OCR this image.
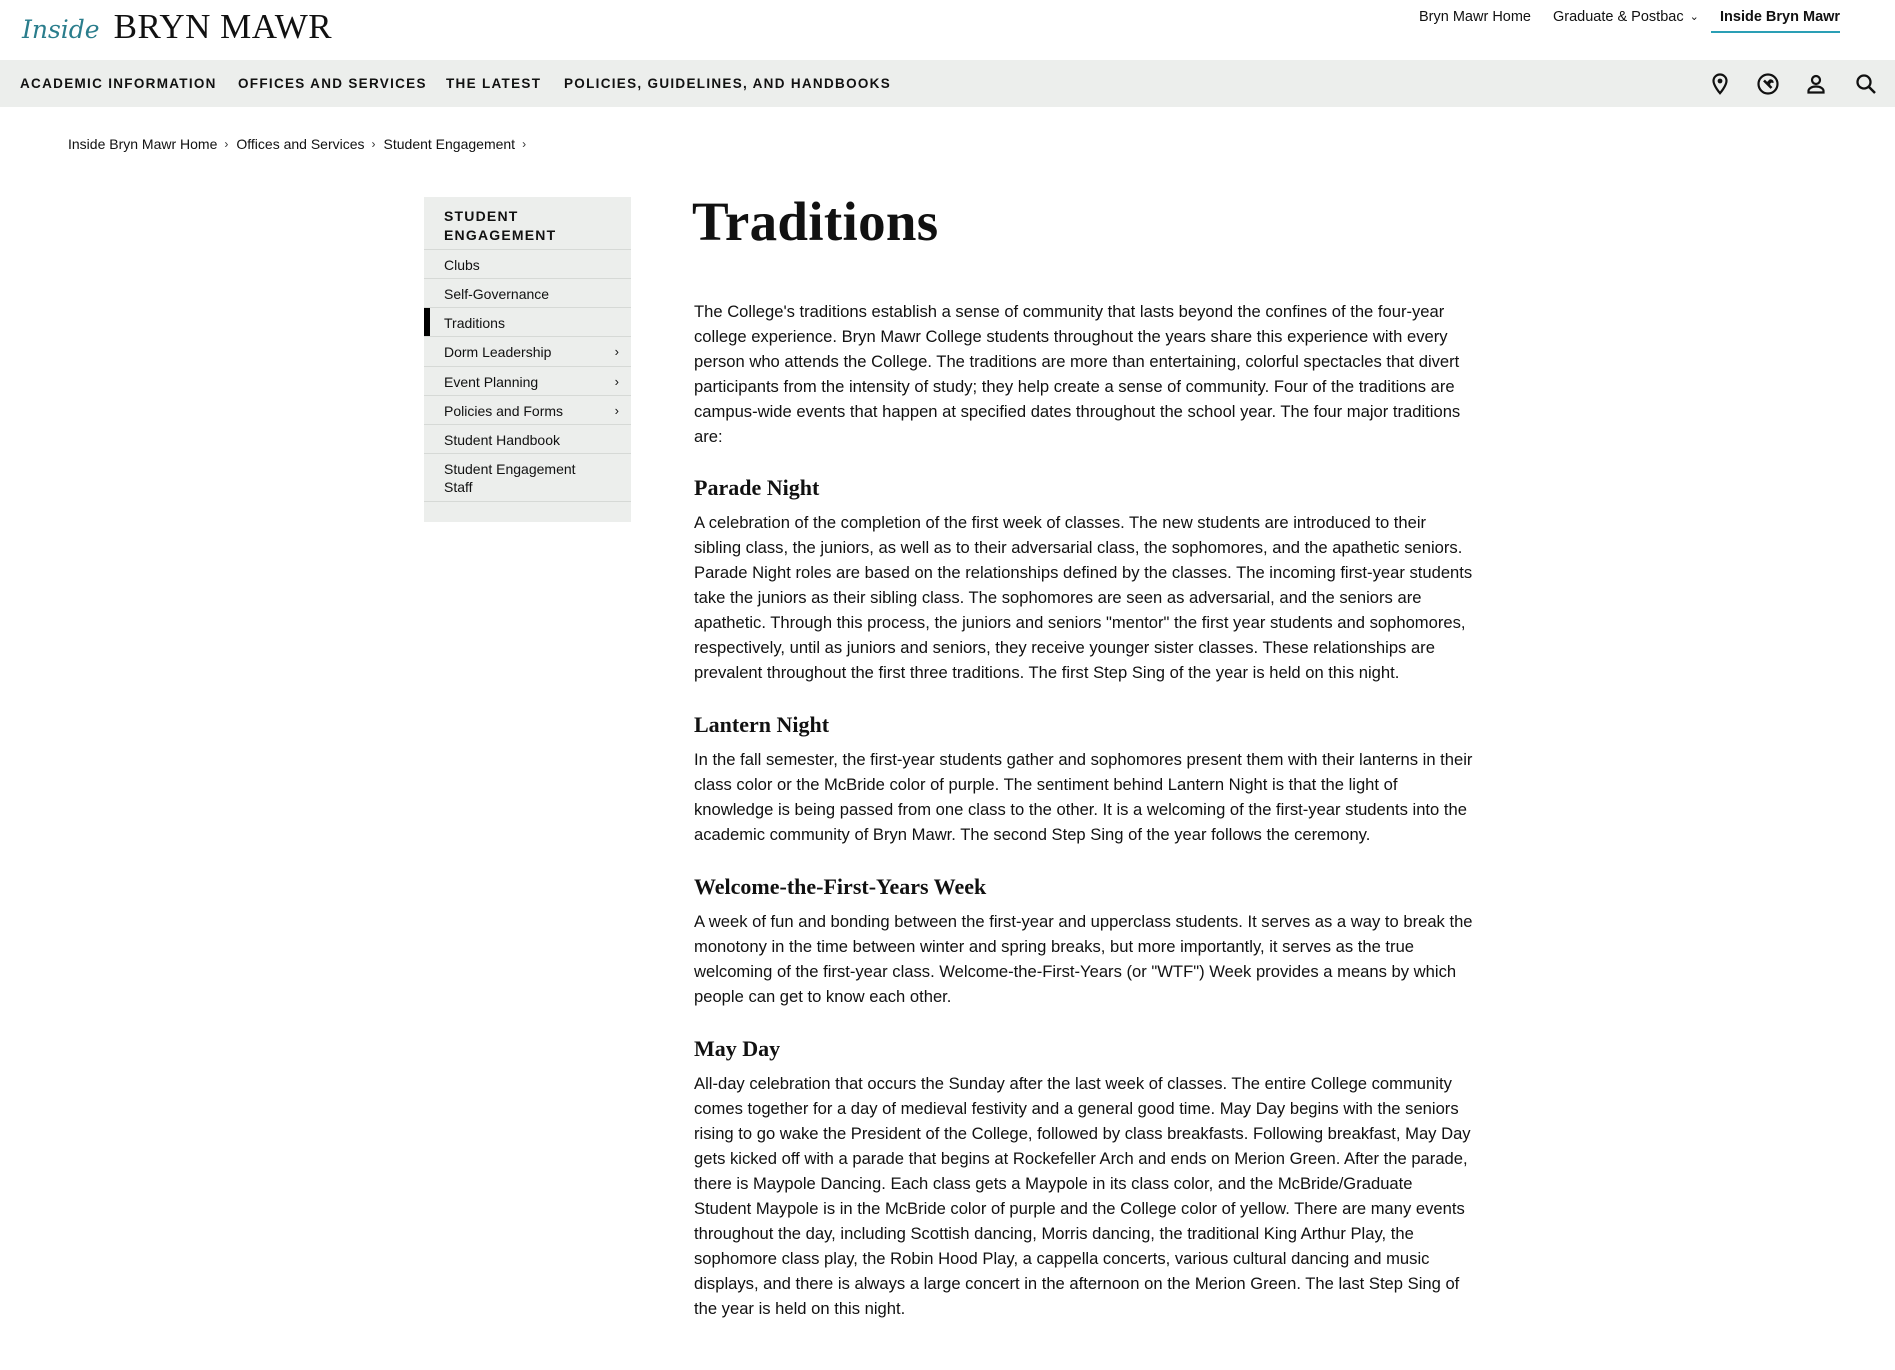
Inside BRYN MAWR	Bryn Mawr Home Graduate & Postbac ⌄ Inside Bryn Mawr
ACADEMIC INFORMATION OFFICES AND SERVICES THE LATEST POLICIES, GUIDELINES, AND HANDBOOKS
Inside Bryn Mawr Home › Offices and Services › Student Engagement ›
STUDENT ENGAGEMENT
Clubs
Self-Governance
Traditions
Dorm Leadership	›
Event Planning	›
Policies and Forms	›
Student Handbook
Student Engagement Staff
Traditions

The College's traditions establish a sense of community that lasts beyond the confines of the four-year college experience. Bryn Mawr College students throughout the years share this experience with every person who attends the College. The traditions are more than entertaining, colorful spectacles that divert participants from the intensity of study; they help create a sense of community. Four of the traditions are campus-wide events that happen at specified dates throughout the school year. The four major traditions are:

Parade Night

A celebration of the completion of the first week of classes. The new students are introduced to their sibling class, the juniors, as well as to their adversarial class, the sophomores, and the apathetic seniors. Parade Night roles are based on the relationships defined by the classes. The incoming first-year students take the juniors as their sibling class. The sophomores are seen as adversarial, and the seniors are apathetic. Through this process, the juniors and seniors "mentor" the first year students and sophomores, respectively, until as juniors and seniors, they receive younger sister classes. These relationships are prevalent throughout the first three traditions. The first Step Sing of the year is held on this night.

Lantern Night

In the fall semester, the first-year students gather and sophomores present them with their lanterns in their class color or the McBride color of purple. The sentiment behind Lantern Night is that the light of knowledge is being passed from one class to the other. It is a welcoming of the first-year students into the academic community of Bryn Mawr. The second Step Sing of the year follows the ceremony.

Welcome-the-First-Years Week

A week of fun and bonding between the first-year and upperclass students. It serves as a way to break the monotony in the time between winter and spring breaks, but more importantly, it serves as the true welcoming of the first-year class. Welcome-the-First-Years (or "WTF") Week provides a means by which people can get to know each other.

May Day

All-day celebration that occurs the Sunday after the last week of classes. The entire College community comes together for a day of medieval festivity and a general good time. May Day begins with the seniors rising to go wake the President of the College, followed by class breakfasts. Following breakfast, May Day gets kicked off with a parade that begins at Rockefeller Arch and ends on Merion Green. After the parade, there is Maypole Dancing. Each class gets a Maypole in its class color, and the McBride/Graduate Student Maypole is in the McBride color of purple and the College color of yellow. There are many events throughout the day, including Scottish dancing, Morris dancing, the traditional King Arthur Play, the sophomore class play, the Robin Hood Play, a cappella concerts, various cultural dancing and music displays, and there is always a large concert in the afternoon on the Merion Green. The last Step Sing of the year is held on this night.
